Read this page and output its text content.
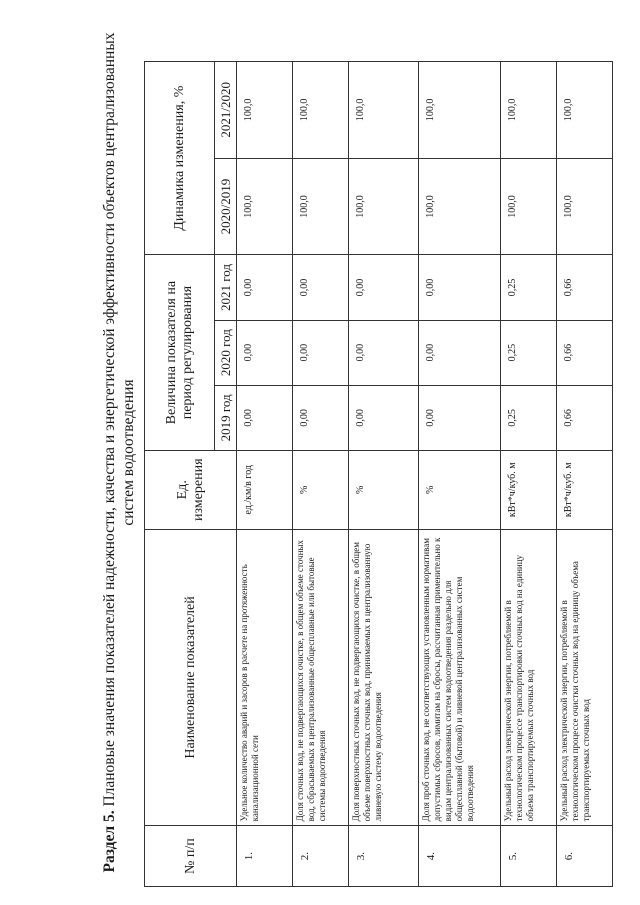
Раздел 5. Плановые значения показателей надежности, качества и энергетической эффективности объектов централизованных систем водоотведения
№ п/п	Наименование показателей	Ед. измерения	Величина показателя на период регулирования			Динамика изменения, %	
			2019 год	2020 год	2021 год	2020/2019	2021/2020
1.	Удельное количество аварий и засоров в расчете на протяженность канализационной сети	ед./км/в год	0,00	0,00	0,00	100,0	100,0
2.	Доля сточных вод, не подвергающихся очистке, в общем объеме сточных вод, сбрасываемых в централизованные общесплавные или бытовые системы водоотведения	%	0,00	0,00	0,00	100,0	100,0
3.	Доля поверхностных сточных вод, не подвергающихся очистке, в общем объеме поверхностных сточных вод, принимаемых в централизованную ливневую систему водоотведения	%	0,00	0,00	0,00	100,0	100,0
4.	Доля проб сточных вод, не соответствующих установленным нормативам допустимых сбросов, лимитам на сбросы, рассчитанная применительно к видам централизованных систем водоотведения раздельно для общесплавной (бытовой) и ливневой централизованных систем водоотведения	%	0,00	0,00	0,00	100,0	100,0
5.	Удельный расход электрической энергии, потребляемой в технологическом процессе транспортировки сточных вод на единицу объема транспортируемых сточных вод	кВт*ч/куб. м	0,25	0,25	0,25	100,0	100,0
6.	Удельный расход электрической энергии, потребляемой в технологическом процессе очистки сточных вод на единицу объема транспортируемых сточных вод	кВт*ч/куб. м	0,66	0,66	0,66	100,0	100,0
